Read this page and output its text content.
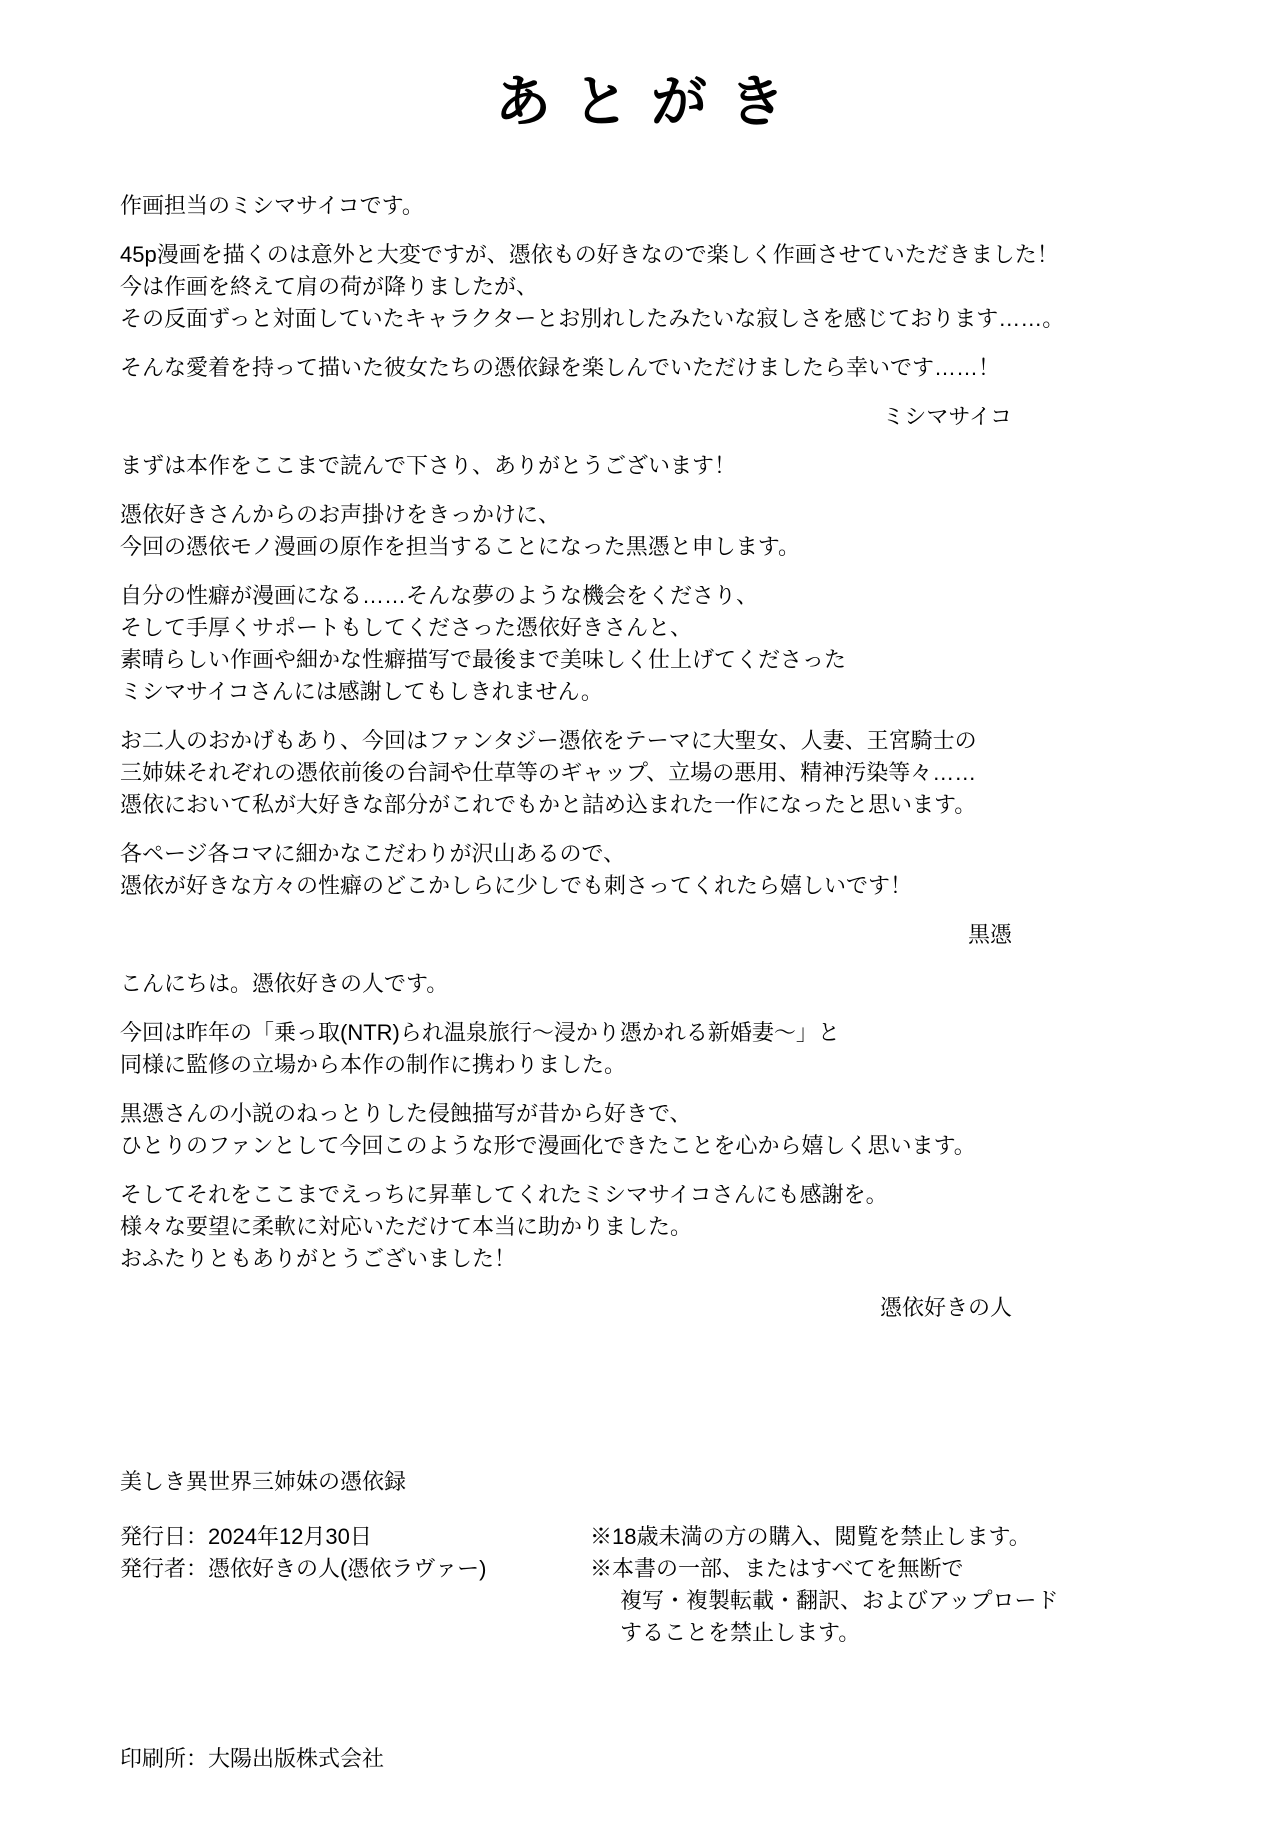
あとがき
作画担当のミシマサイコです。
45p漫画を描くのは意外と大変ですが、憑依もの好きなので楽しく作画させていただきました！
今は作画を終えて肩の荷が降りましたが、
その反面ずっと対面していたキャラクターとお別れしたみたいな寂しさを感じております……。
そんな愛着を持って描いた彼女たちの憑依録を楽しんでいただけましたら幸いです……！
ミシマサイコ
まずは本作をここまで読んで下さり、ありがとうございます！
憑依好きさんからのお声掛けをきっかけに、
今回の憑依モノ漫画の原作を担当することになった黒憑と申します。
自分の性癖が漫画になる……そんな夢のような機会をくださり、
そして手厚くサポートもしてくださった憑依好きさんと、
素晴らしい作画や細かな性癖描写で最後まで美味しく仕上げてくださった
ミシマサイコさんには感謝してもしきれません。
お二人のおかげもあり、今回はファンタジー憑依をテーマに大聖女、人妻、王宮騎士の
三姉妹それぞれの憑依前後の台詞や仕草等のギャップ、立場の悪用、精神汚染等々……
憑依において私が大好きな部分がこれでもかと詰め込まれた一作になったと思います。
各ページ各コマに細かなこだわりが沢山あるので、
憑依が好きな方々の性癖のどこかしらに少しでも刺さってくれたら嬉しいです！
黒憑
こんにちは。憑依好きの人です。
今回は昨年の「乗っ取(NTR)られ温泉旅行～浸かり憑かれる新婚妻～」と
同様に監修の立場から本作の制作に携わりました。
黒憑さんの小説のねっとりした侵蝕描写が昔から好きで、
ひとりのファンとして今回このような形で漫画化できたことを心から嬉しく思います。
そしてそれをここまでえっちに昇華してくれたミシマサイコさんにも感謝を。
様々な要望に柔軟に対応いただけて本当に助かりました。
おふたりともありがとうございました！
憑依好きの人
美しき異世界三姉妹の憑依録
発行日：2024年12月30日
発行者：憑依好きの人(憑依ラヴァー)
※18歳未満の方の購入、閲覧を禁止します。
※本書の一部、またはすべてを無断で
複写・複製転載・翻訳、およびアップロード
することを禁止します。
印刷所：大陽出版株式会社
